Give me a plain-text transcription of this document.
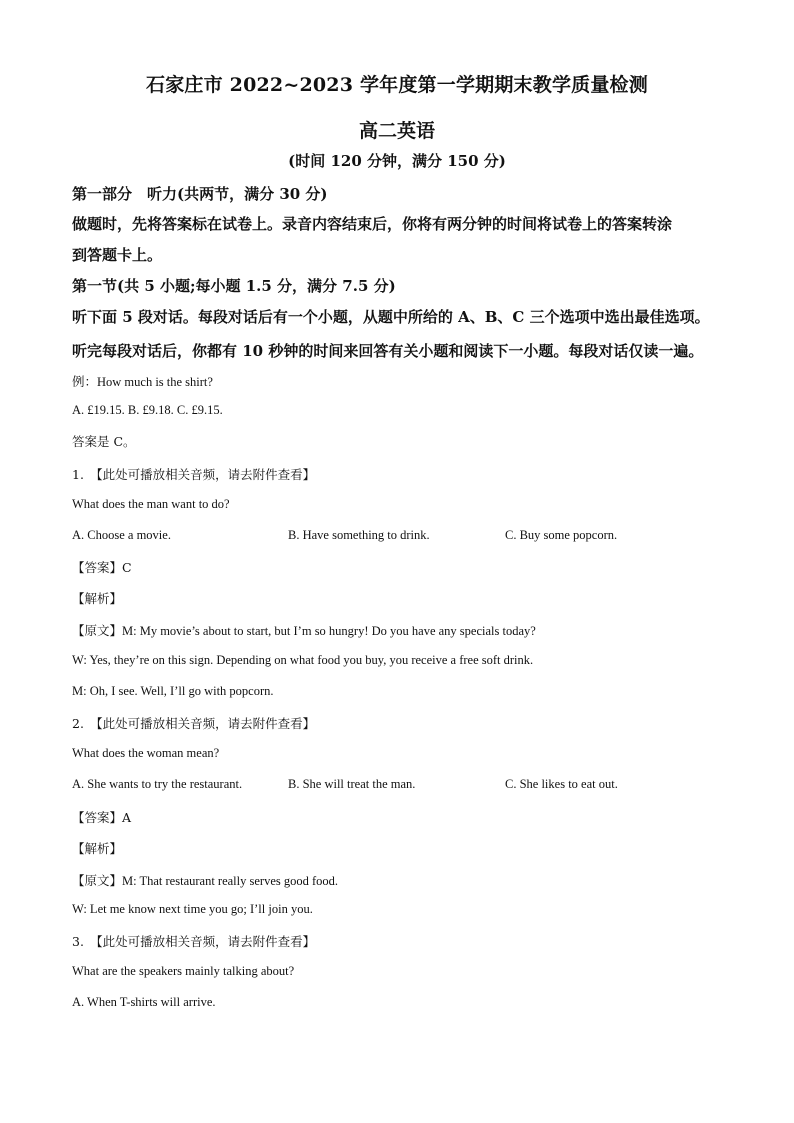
石家庄市 2022~2023 学年度第一学期期末教学质量检测
高二英语
(时间 120 分钟，满分 150 分)
第一部分　听力(共两节，满分 30 分)
做题时，先将答案标在试卷上。录音内容结束后，你将有两分钟的时间将试卷上的答案转涂
到答题卡上。
第一节(共 5 小题;每小题 1.5 分，满分 7.5 分)
听下面 5 段对话。每段对话后有一个小题，从题中所给的 A、B、C 三个选项中选出最佳选项。
听完每段对话后，你都有 10 秒钟的时间来回答有关小题和阅读下一小题。每段对话仅读一遍。
例：How much is the shirt?
A. £19.15. B. £9.18. C. £9.15.
答案是 C。
1.　【此处可播放相关音频，请去附件查看】
What does the man want to do?
A. Choose a movie.	B. Have something to drink.	C. Buy some popcorn.
【答案】C
【解析】
【原文】M: My movie’s about to start, but I’m so hungry! Do you have any specials today?
W: Yes, they’re on this sign. Depending on what food you buy, you receive a free soft drink.
M: Oh, I see. Well, I’ll go with popcorn.
2.　【此处可播放相关音频，请去附件查看】
What does the woman mean?
A. She wants to try the restaurant.	B. She will treat the man.	C. She likes to eat out.
【答案】A
【解析】
【原文】M: That restaurant really serves good food.
W: Let me know next time you go; I’ll join you.
3.　【此处可播放相关音频，请去附件查看】
What are the speakers mainly talking about?
A. When T-shirts will arrive.
